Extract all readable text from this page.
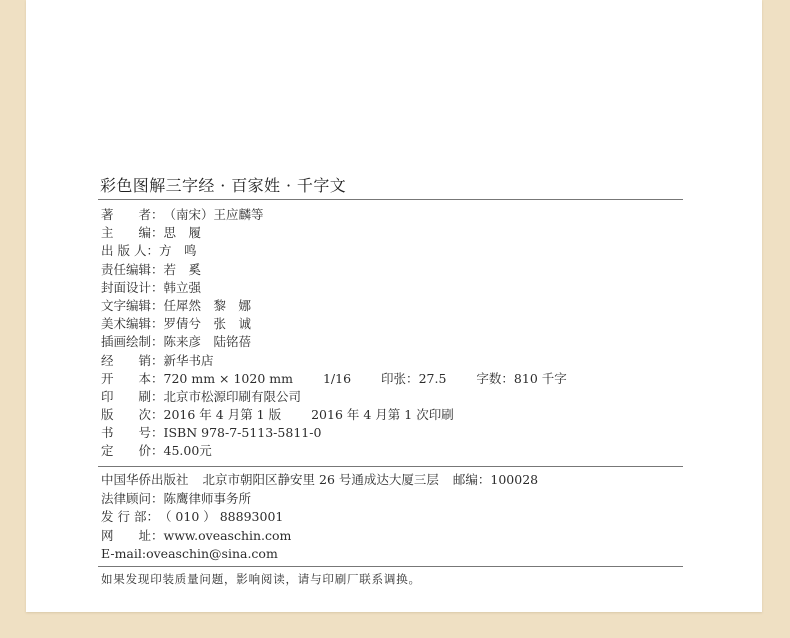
彩色图解三字经 · 百家姓 · 千字文
著　　者： （南宋）王应麟等
主　　编： 思　履
出 版 人： 方　鸣
责任编辑： 若　奚
封面设计： 韩立强
文字编辑： 任犀然　黎　娜
美术编辑： 罗倩兮　张　诚
插画绘制： 陈来彦　陆铭蓓
经　　销： 新华书店
开　　本： 720 mm × 1020 mm 1/16 印张： 27.5 字数： 810 千字
印　　刷： 北京市松源印刷有限公司
版　　次： 2016 年 4 月第 1 版 2016 年 4 月第 1 次印刷
书　　号： ISBN 978-7-5113-5811-0
定　　价： 45.00元
中国华侨出版社 北京市朝阳区静安里 26 号通成达大厦三层 邮编： 100028
法律顾问： 陈鹰律师事务所
发 行 部： （ 010 ） 88893001
网　　址： www.oveaschin.com
E-mail:oveaschin@sina.com
如果发现印装质量问题，影响阅读，请与印刷厂联系调换。
